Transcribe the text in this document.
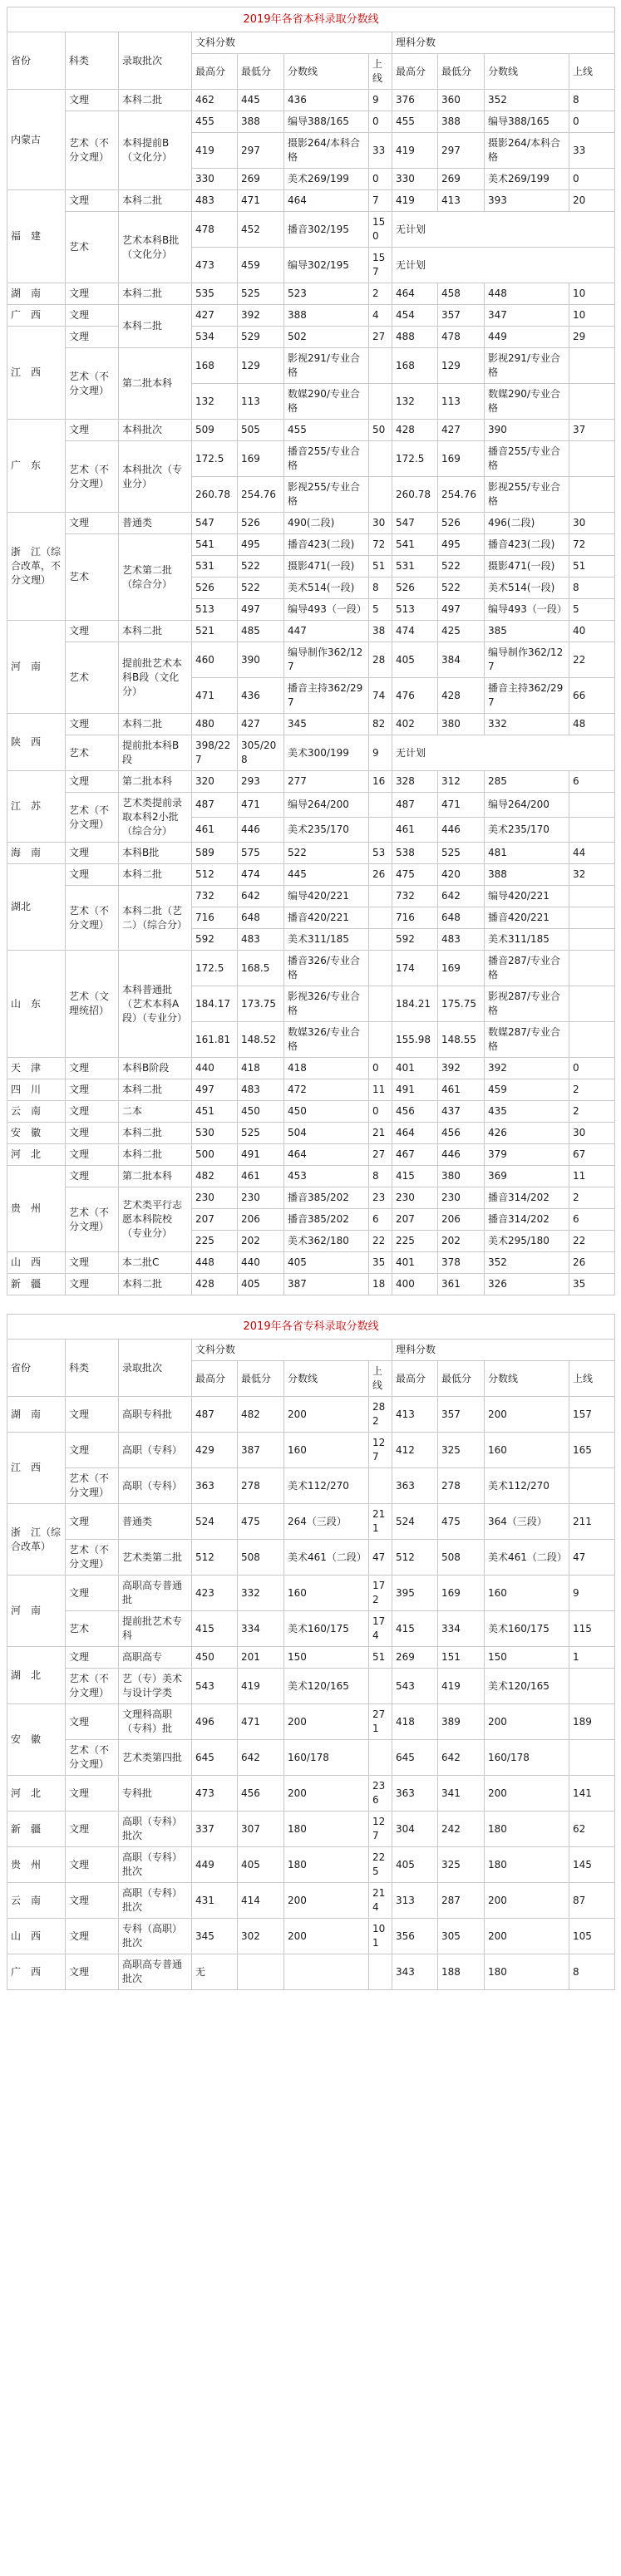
2019年各省本科录取分数线										
省份	科类	录取批次	文科分数				理科分数			
			最高分	最低分	分数线	上线	最高分	最低分	分数线	上线
内蒙古	文理	本科二批	462	445	436	9	376	360	352	8
	艺术（不分文理）	本科提前B（文化分）	455	388	编导388/165	0	455	388	编导388/165	0
			419	297	摄影264/本科合格	33	419	297	摄影264/本科合格	33
			330	269	美术269/199	0	330	269	美术269/199	0
福　建	文理	本科二批	483	471	464	7	419	413	393	20
	艺术	艺术本科B批（文化分）	478	452	播音302/195	150	无计划			
			473	459	编导302/195	157	无计划			
湖　南	文理	本科二批	535	525	523	2	464	458	448	10
广　西	文理	本科二批	427	392	388	4	454	357	347	10
江　西	文理		534	529	502	27	488	478	449	29
	艺术（不分文理）	第二批本科	168	129	影视291/专业合格		168	129	影视291/专业合格	
			132	113	数媒290/专业合格		132	113	数媒290/专业合格	
广　东	文理	本科批次	509	505	455	50	428	427	390	37
	艺术（不分文理）	本科批次（专业分）	172.5	169	播音255/专业合格		172.5	169	播音255/专业合格	
			260.78	254.76	影视255/专业合格		260.78	254.76	影视255/专业合格	
浙　江（综合改革，不分文理）	文理	普通类	547	526	490(二段)	30	547	526	496(二段)	30
	艺术	艺术第二批（综合分）	541	495	播音423(二段)	72	541	495	播音423(二段)	72
			531	522	摄影471(一段)	51	531	522	摄影471(一段)	51
			526	522	美术514(一段)	8	526	522	美术514(一段)	8
			513	497	编导493（一段）	5	513	497	编导493（一段）	5
河　南	文理	本科二批	521	485	447	38	474	425	385	40
	艺术	提前批艺术本科B段（文化分）	460	390	编导制作362/127	28	405	384	编导制作362/127	22
			471	436	播音主持362/297	74	476	428	播音主持362/297	66
陕　西	文理	本科二批	480	427	345	82	402	380	332	48
	艺术	提前批本科B段	398/227	305/208	美术300/199	9	无计划			
江　苏	文理	第二批本科	320	293	277	16	328	312	285	6
	艺术（不分文理）	艺术类提前录取本科2小批（综合分）	487	471	编导264/200		487	471	编导264/200	
			461	446	美术235/170		461	446	美术235/170	
海　南	文理	本科B批	589	575	522	53	538	525	481	44
湖北	文理	本科二批	512	474	445	26	475	420	388	32
	艺术（不分文理）	本科二批（艺二）（综合分）	732	642	编导420/221		732	642	编导420/221	
			716	648	播音420/221		716	648	播音420/221	
			592	483	美术311/185		592	483	美术311/185	
山　东	艺术（文理统招）	本科普通批（艺术本科A段）（专业分）	172.5	168.5	播音326/专业合格		174	169	播音287/专业合格	
			184.17	173.75	影视326/专业合格		184.21	175.75	影视287/专业合格	
			161.81	148.52	数媒326/专业合格		155.98	148.55	数媒287/专业合格	
天　津	文理	本科B阶段	440	418	418	0	401	392	392	0
四　川	文理	本科二批	497	483	472	11	491	461	459	2
云　南	文理	二本	451	450	450	0	456	437	435	2
安　徽	文理	本科二批	530	525	504	21	464	456	426	30
河　北	文理	本科二批	500	491	464	27	467	446	379	67
贵　州	文理	第二批本科	482	461	453	8	415	380	369	11
	艺术（不分文理）	艺术类平行志愿本科院校（专业分）	230	230	播音385/202	23	230	230	播音314/202	2
			207	206	播音385/202	6	207	206	播音314/202	6
			225	202	美术362/180	22	225	202	美术295/180	22
山　西	文理	本二批C	448	440	405	35	401	378	352	26
新　疆	文理	本科二批	428	405	387	18	400	361	326	35
2019年各省专科录取分数线										
省份	科类	录取批次	文科分数				理科分数			
			最高分	最低分	分数线	上线	最高分	最低分	分数线	上线
湖　南	文理	高职专科批	487	482	200	282	413	357	200	157
江　西	文理	高职（专科）	429	387	160	127	412	325	160	165
	艺术（不分文理）	高职（专科）	363	278	美术112/270		363	278	美术112/270	
浙　江（综合改革）	文理	普通类	524	475	264（三段）	211	524	475	364（三段）	211
	艺术（不分文理）	艺术类第二批	512	508	美术461（二段）	47	512	508	美术461（二段）	47
河　南	文理	高职高专普通批	423	332	160	172	395	169	160	9
	艺术	提前批艺术专科	415	334	美术160/175	174	415	334	美术160/175	115
湖　北	文理	高职高专	450	201	150	51	269	151	150	1
	艺术（不分文理）	艺（专）美术与设计学类	543	419	美术120/165		543	419	美术120/165	
安　徽	文理	文理科高职（专科）批	496	471	200	271	418	389	200	189
	艺术（不分文理）	艺术类第四批	645	642	160/178		645	642	160/178	
河　北	文理	专科批	473	456	200	236	363	341	200	141
新　疆	文理	高职（专科）批次	337	307	180	127	304	242	180	62
贵　州	文理	高职（专科）批次	449	405	180	225	405	325	180	145
云　南	文理	高职（专科）批次	431	414	200	214	313	287	200	87
山　西	文理	专科（高职）批次	345	302	200	101	356	305	200	105
广　西	文理	高职高专普通批次	无				343	188	180	8
